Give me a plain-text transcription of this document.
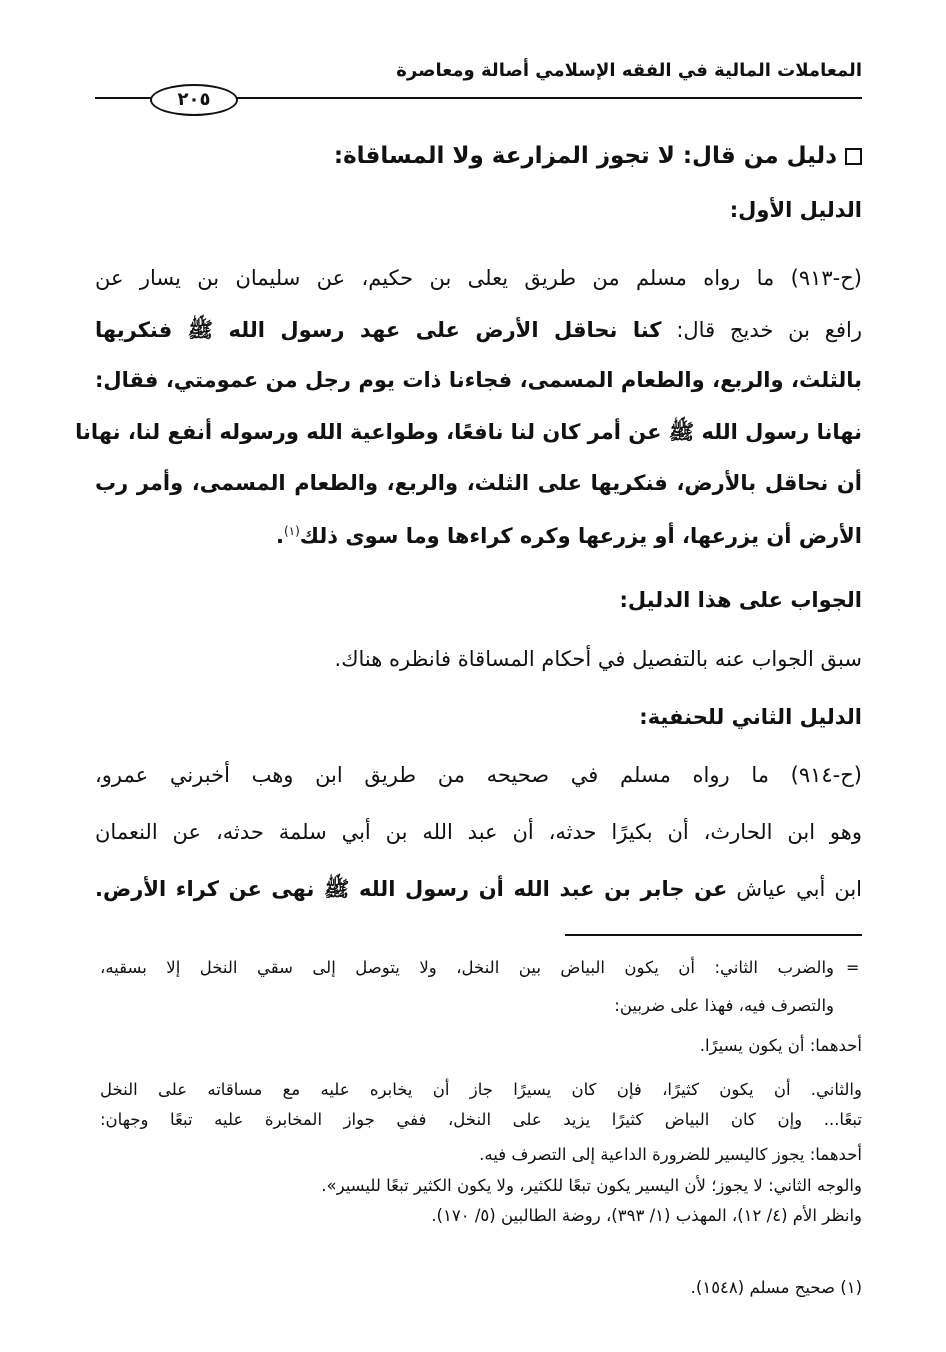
المعاملات المالية في الفقه الإسلامي أصالة ومعاصرة
٢٠٥
دليل من قال: لا تجوز المزارعة ولا المساقاة:
الدليل الأول:
(ح-٩١٣) ما رواه مسلم من طريق يعلى بن حكيم، عن سليمان بن يسار عن
رافع بن خديج قال: كنا نحاقل الأرض على عهد رسول الله ﷺ فنكريها
بالثلث، والربع، والطعام المسمى، فجاءنا ذات يوم رجل من عمومتي، فقال:
نهانا رسول الله ﷺ عن أمر كان لنا نافعًا، وطواعية الله ورسوله أنفع لنا، نهانا
أن نحاقل بالأرض، فنكريها على الثلث، والربع، والطعام المسمى، وأمر رب
الأرض أن يزرعها، أو يزرعها وكره كراءها وما سوى ذلك$^{(١)}$.
الجواب على هذا الدليل:
سبق الجواب عنه بالتفصيل في أحكام المساقاة فانظره هناك.
الدليل الثاني للحنفية:
(ح-٩١٤) ما رواه مسلم في صحيحه من طريق ابن وهب أخبرني عمرو،
وهو ابن الحارث، أن بكيرًا حدثه، أن عبد الله بن أبي سلمة حدثه، عن النعمان
ابن أبي عياش عن جابر بن عبد الله أن رسول الله ﷺ نهى عن كراء الأرض.
=
والضرب الثاني: أن يكون البياض بين النخل، ولا يتوصل إلى سقي النخل إلا بسقيه،
والتصرف فيه، فهذا على ضربين:
أحدهما: أن يكون يسيرًا.
والثاني. أن يكون كثيرًا، فإن كان يسيرًا جاز أن يخابره عليه مع مساقاته على النخل
تبعًا... وإن كان البياض كثيرًا يزيد على النخل، ففي جواز المخابرة عليه تبعًا وجهان:
أحدهما: يجوز كاليسير للضرورة الداعية إلى التصرف فيه.
والوجه الثاني: لا يجوز؛ لأن اليسير يكون تبعًا للكثير، ولا يكون الكثير تبعًا لليسير».
وانظر الأم (٤/ ١٢)، المهذب (١/ ٣٩٣)، روضة الطالبين (٥/ ١٧٠).
(١) صحيح مسلم (١٥٤٨).
